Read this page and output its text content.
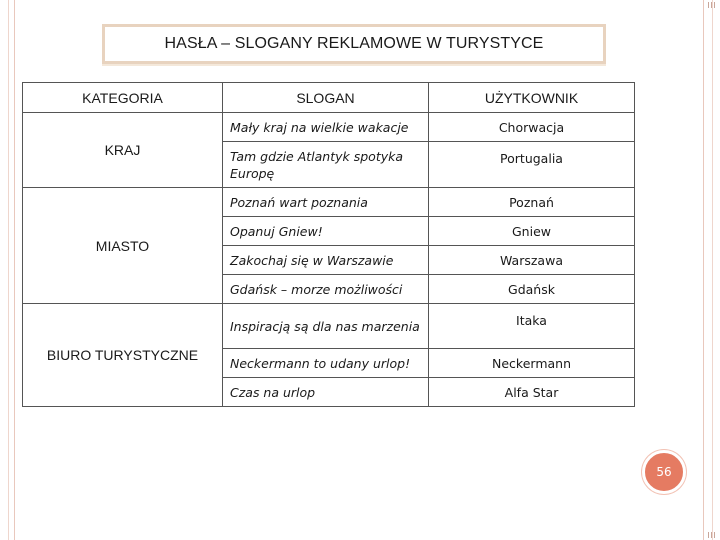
HASŁA – SLOGANY REKLAMOWE W TURYSTYCE
KATEGORIA	SLOGAN	UŻYTKOWNIK
KRAJ	Mały kraj na wielkie wakacje	Chorwacja
	Tam gdzie Atlantyk spotyka Europę	Portugalia
MIASTO	Poznań wart poznania	Poznań
	Opanuj Gniew!	Gniew
	Zakochaj się w Warszawie	Warszawa
	Gdańsk – morze możliwości	Gdańsk
BIURO TURYSTYCZNE	Inspiracją są dla nas marzenia	Itaka
	Neckermann to udany urlop!	Neckermann
	Czas na urlop	Alfa Star
56
